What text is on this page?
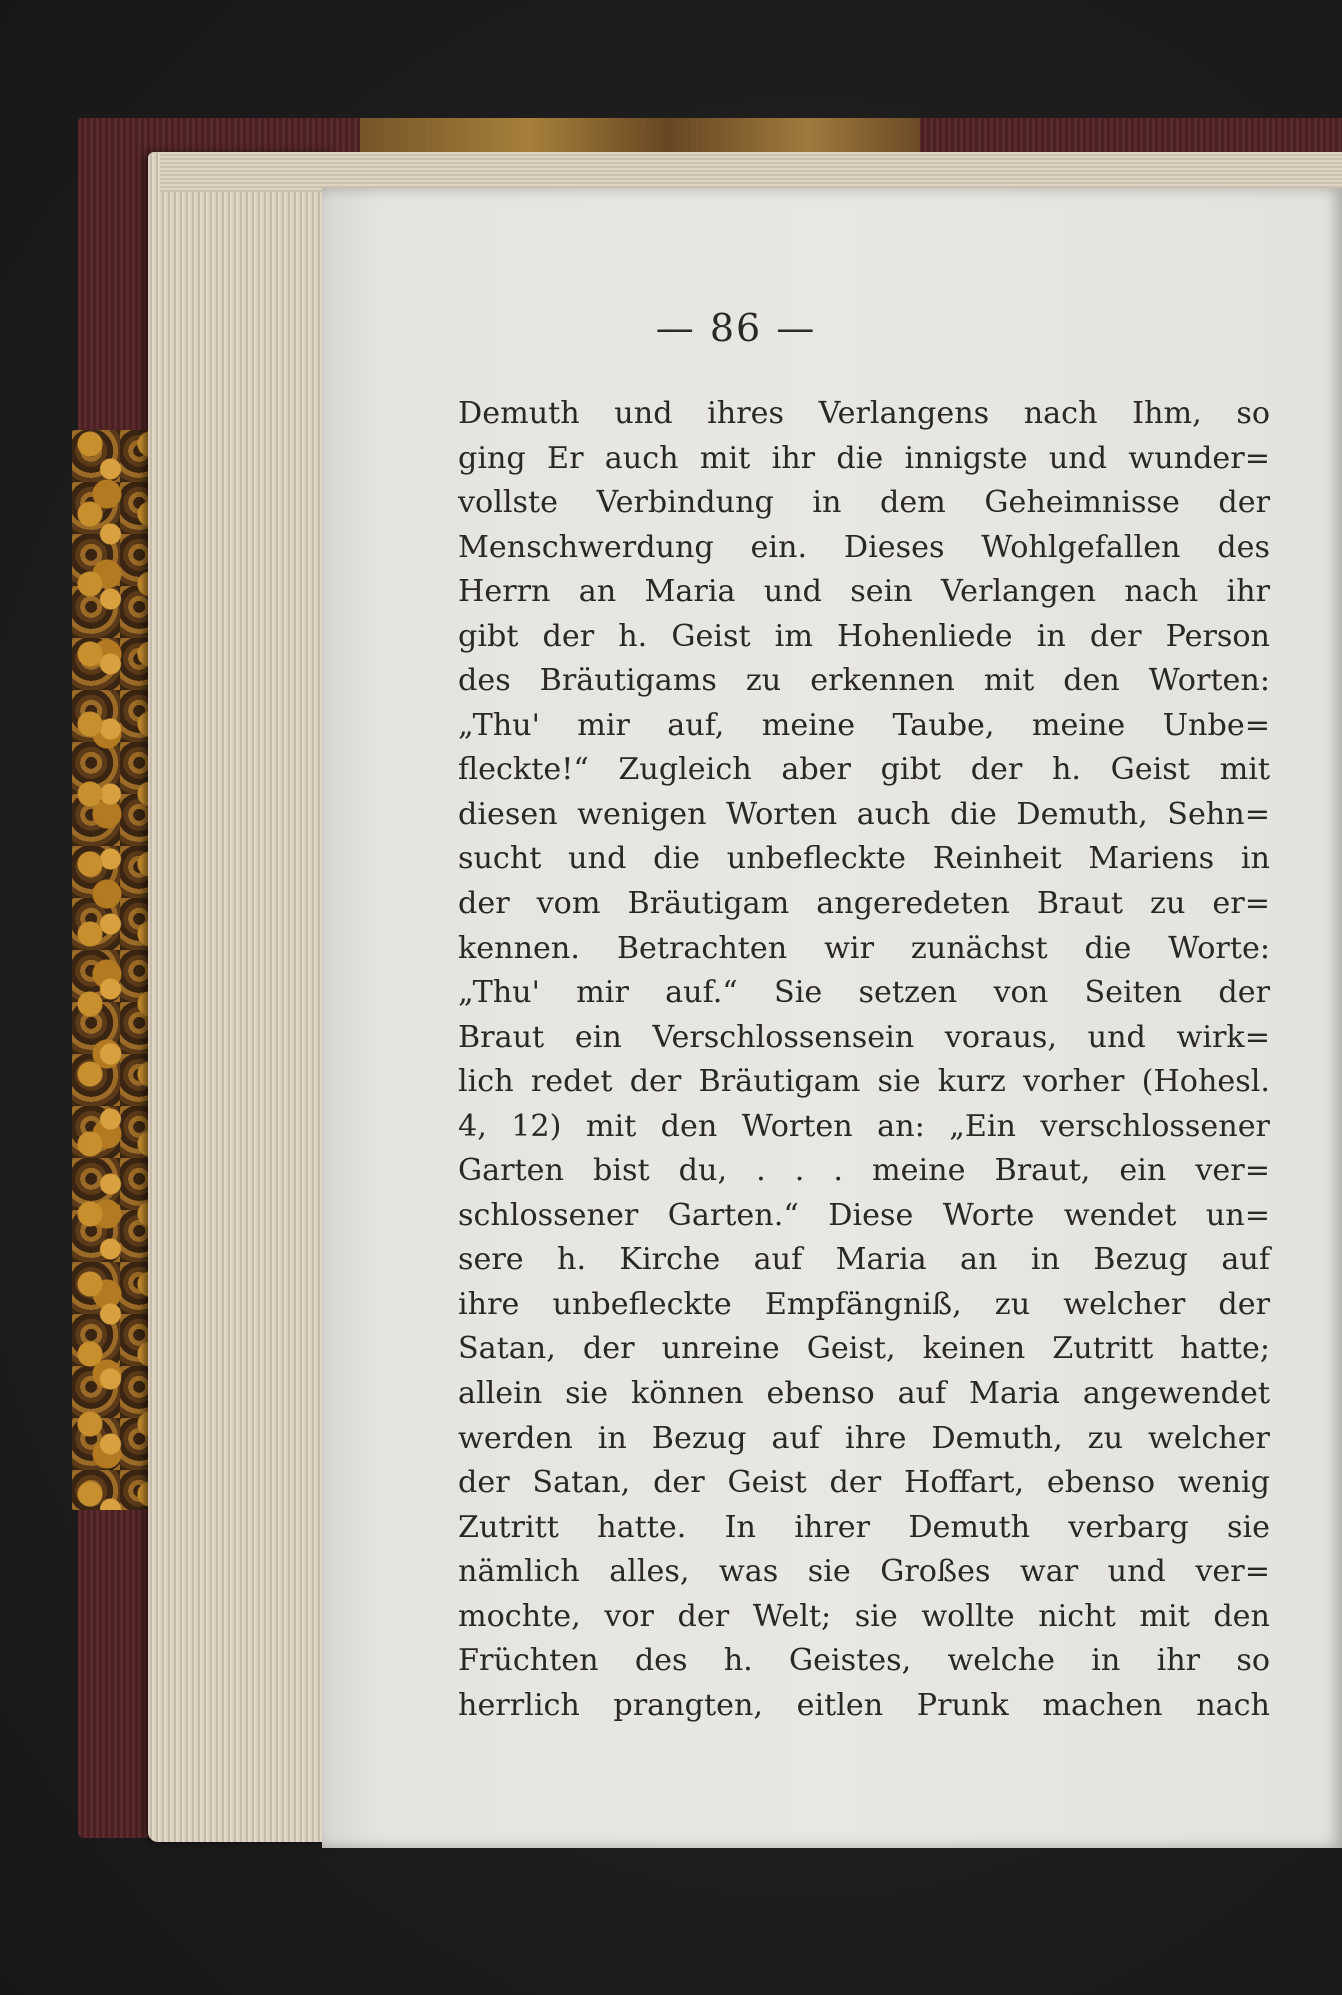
— 86 —
Demuth und ihres Verlangens nach Ihm, so
ging Er auch mit ihr die innigste und wunder=
vollste Verbindung in dem Geheimnisse der
Menschwerdung ein. Dieses Wohlgefallen des
Herrn an Maria und sein Verlangen nach ihr
gibt der h. Geist im Hohenliede in der Person
des Bräutigams zu erkennen mit den Worten:
„Thu' mir auf, meine Taube, meine Unbe=
fleckte!“ Zugleich aber gibt der h. Geist mit
diesen wenigen Worten auch die Demuth, Sehn=
sucht und die unbefleckte Reinheit Mariens in
der vom Bräutigam angeredeten Braut zu er=
kennen. Betrachten wir zunächst die Worte:
„Thu' mir auf.“ Sie setzen von Seiten der
Braut ein Verschlossensein voraus, und wirk=
lich redet der Bräutigam sie kurz vorher (Hohesl.
4, 12) mit den Worten an: „Ein verschlossener
Garten bist du, . . . meine Braut, ein ver=
schlossener Garten.“ Diese Worte wendet un=
sere h. Kirche auf Maria an in Bezug auf
ihre unbefleckte Empfängniß, zu welcher der
Satan, der unreine Geist, keinen Zutritt hatte;
allein sie können ebenso auf Maria angewendet
werden in Bezug auf ihre Demuth, zu welcher
der Satan, der Geist der Hoffart, ebenso wenig
Zutritt hatte. In ihrer Demuth verbarg sie
nämlich alles, was sie Großes war und ver=
mochte, vor der Welt; sie wollte nicht mit den
Früchten des h. Geistes, welche in ihr so
herrlich prangten, eitlen Prunk machen nach
